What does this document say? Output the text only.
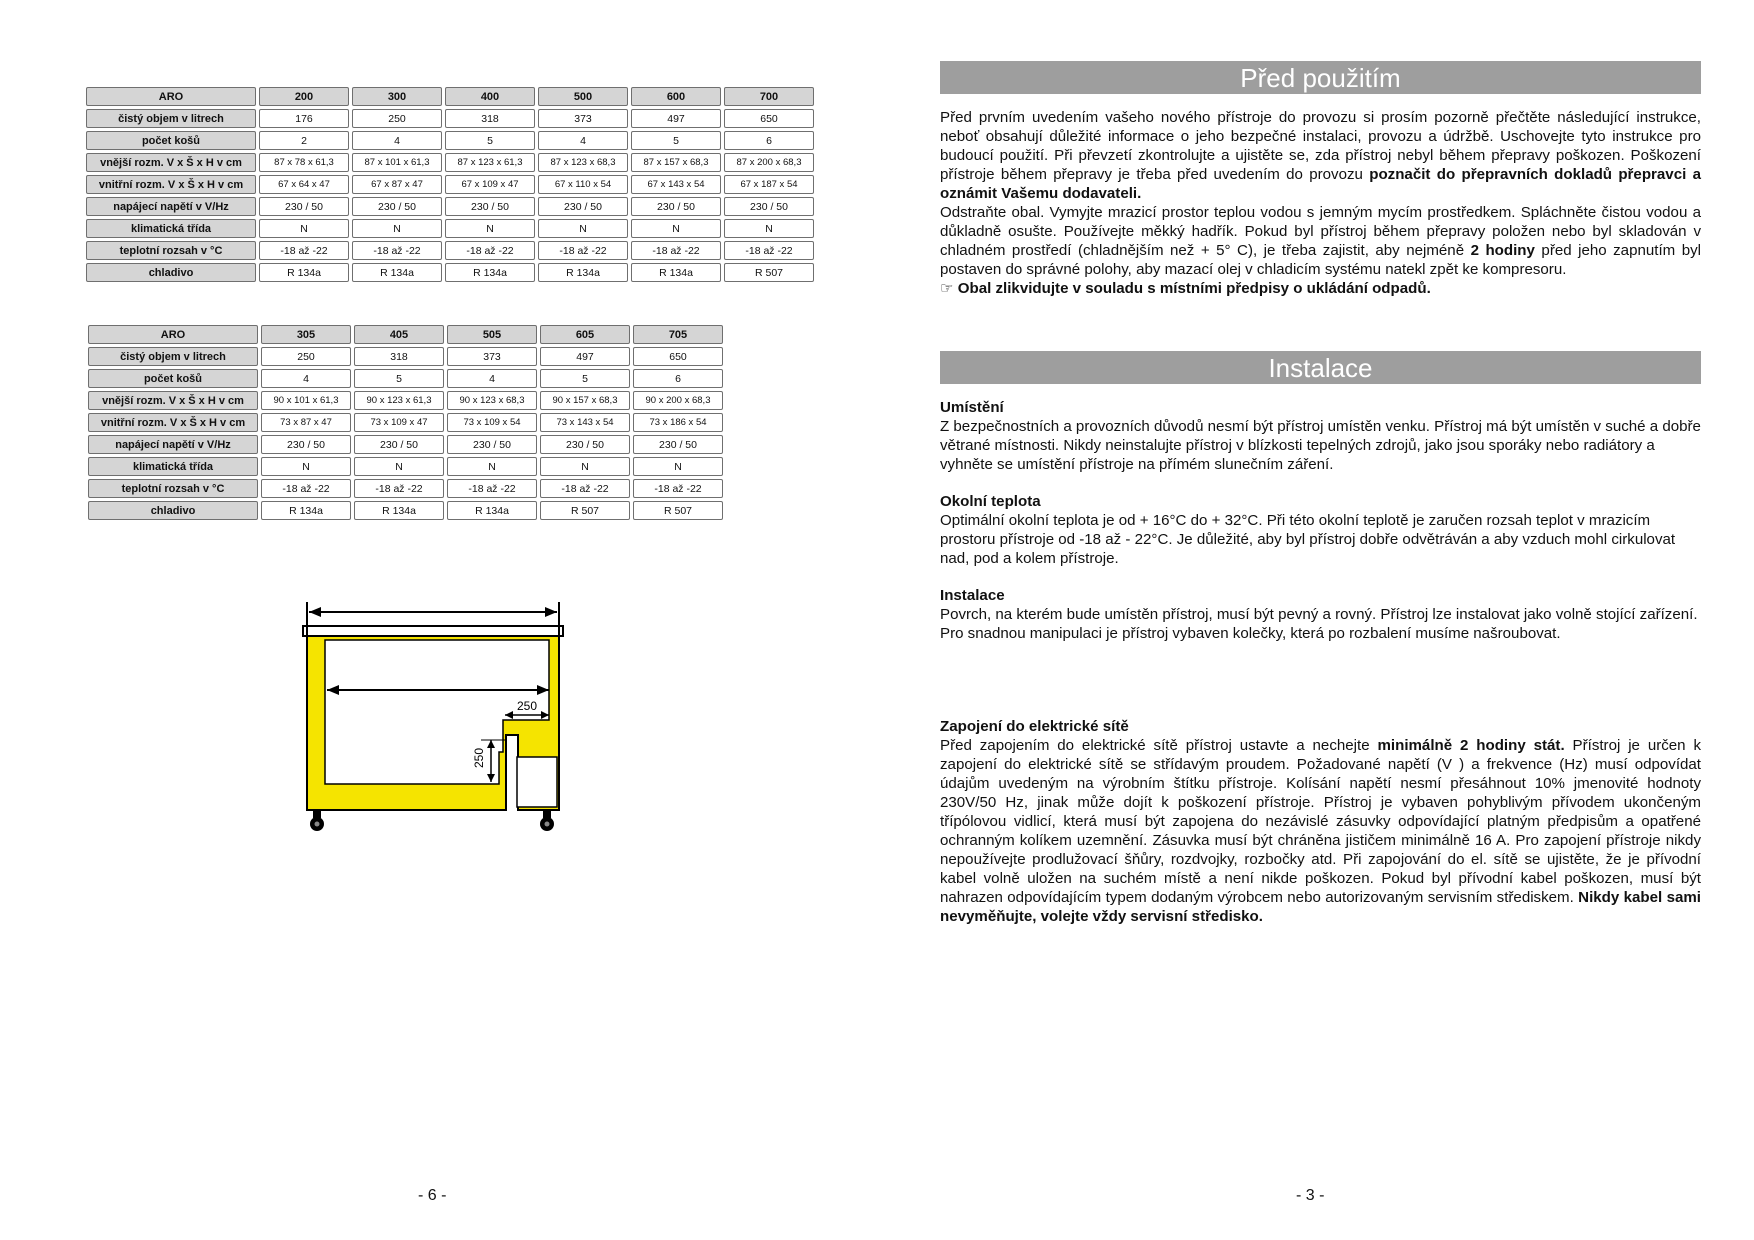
ARO	200	300	400	500	600	700
čistý objem v litrech	176	250	318	373	497	650
počet košů	2	4	5	4	5	6
vnější rozm. V x Š x H v cm	87 x 78 x 61,3	87 x 101 x 61,3	87 x 123 x 61,3	87 x 123 x 68,3	87 x 157 x 68,3	87 x 200 x 68,3
vnitřní rozm. V x Š x H v cm	67 x 64 x 47	67 x 87 x 47	67 x 109 x 47	67 x 110 x 54	67 x 143 x 54	67 x 187 x 54
napájecí napětí v V/Hz	230 / 50	230 / 50	230 / 50	230 / 50	230 / 50	230 / 50
klimatická třída	N	N	N	N	N	N
teplotní rozsah v °C	-18 až -22	-18 až -22	-18 až -22	-18 až -22	-18 až -22	-18 až -22
chladivo	R 134a	R 134a	R 134a	R 134a	R 134a	R 507
ARO	305	405	505	605	705
čistý objem v litrech	250	318	373	497	650
počet košů	4	5	4	5	6
vnější rozm. V x Š x H v cm	90 x 101 x 61,3	90 x 123 x 61,3	90 x 123 x 68,3	90 x 157 x 68,3	90 x 200 x 68,3
vnitřní rozm. V x Š x H v cm	73 x 87 x 47	73 x 109 x 47	73 x 109 x 54	73 x 143 x 54	73 x 186 x 54
napájecí napětí v V/Hz	230 / 50	230 / 50	230 / 50	230 / 50	230 / 50
klimatická třída	N	N	N	N	N
teplotní rozsah v °C	-18 až -22	-18 až -22	-18 až -22	-18 až -22	-18 až -22
chladivo	R 134a	R 134a	R 134a	R 507	R 507
250
250
- 6 -
Před použitím

Před prvním uvedením vašeho nového přístroje do provozu si prosím pozorně přečtěte následující instrukce, neboť obsahují důležité informace o jeho bezpečné instalaci, provozu a údržbě. Uschovejte tyto instrukce pro budoucí použití. Při převzetí zkontrolujte a ujistěte se, zda přístroj nebyl během přepravy poškozen. Poškození přístroje během přepravy je třeba před uvedením do provozu poznačit do přepravních dokladů přepravci a oznámit Vašemu dodavateli.

Odstraňte obal. Vymyjte mrazicí prostor teplou vodou s jemným mycím prostředkem. Spláchněte čistou vodou a důkladně osušte. Používejte měkký hadřík. Pokud byl přístroj během přepravy položen nebo byl skladován v chladném prostředí (chladnějším než + 5° C), je třeba zajistit, aby nejméně 2 hodiny před jeho zapnutím byl postaven do správné polohy, aby mazací olej v chladicím systému natekl zpět ke kompresoru.

☞ Obal zlikvidujte v souladu s místními předpisy o ukládání odpadů.

Instalace
Umístění

Z bezpečnostních a provozních důvodů nesmí být přístroj umístěn venku. Přístroj má být umístěn v suché a dobře větrané místnosti. Nikdy neinstalujte přístroj v blízkosti tepelných zdrojů, jako jsou sporáky nebo radiátory a vyhněte se umístění přístroje na přímém slunečním záření.

Okolní teplota

Optimální okolní teplota je od + 16°C do + 32°C. Při této okolní teplotě je zaručen rozsah teplot v mrazicím prostoru přístroje od -18 až - 22°C. Je důležité, aby byl přístroj dobře odvětráván a aby vzduch mohl cirkulovat nad, pod a kolem přístroje.

Instalace

Povrch, na kterém bude umístěn přístroj, musí být pevný a rovný. Přístroj lze instalovat jako volně stojící zařízení. Pro snadnou manipulaci je přístroj vybaven kolečky, která po rozbalení musíme našroubovat.

Zapojení do elektrické sítě

Před zapojením do elektrické sítě přístroj ustavte a nechejte minimálně 2 hodiny stát. Přístroj je určen k zapojení do elektrické sítě se střídavým proudem. Požadované napětí (V ) a frekvence (Hz) musí odpovídat údajům uvedeným na výrobním štítku přístroje. Kolísání napětí nesmí přesáhnout 10% jmenovité hodnoty 230V/50 Hz, jinak může dojít k poškození přístroje. Přístroj je vybaven pohyblivým přívodem ukončeným třípólovou vidlicí, která musí být zapojena do nezávislé zásuvky odpovídající platným předpisům a opatřené ochranným kolíkem uzemnění. Zásuvka musí být chráněna jističem minimálně 16 A. Pro zapojení přístroje nikdy nepoužívejte prodlužovací šňůry, rozdvojky, rozbočky atd. Při zapojování do el. sítě se ujistěte, že je přívodní kabel volně uložen na suchém místě a není nikde poškozen. Pokud byl přívodní kabel poškozen, musí být nahrazen odpovídajícím typem dodaným výrobcem nebo autorizovaným servisním střediskem. Nikdy kabel sami nevyměňujte, volejte vždy servisní středisko.

- 3 -
